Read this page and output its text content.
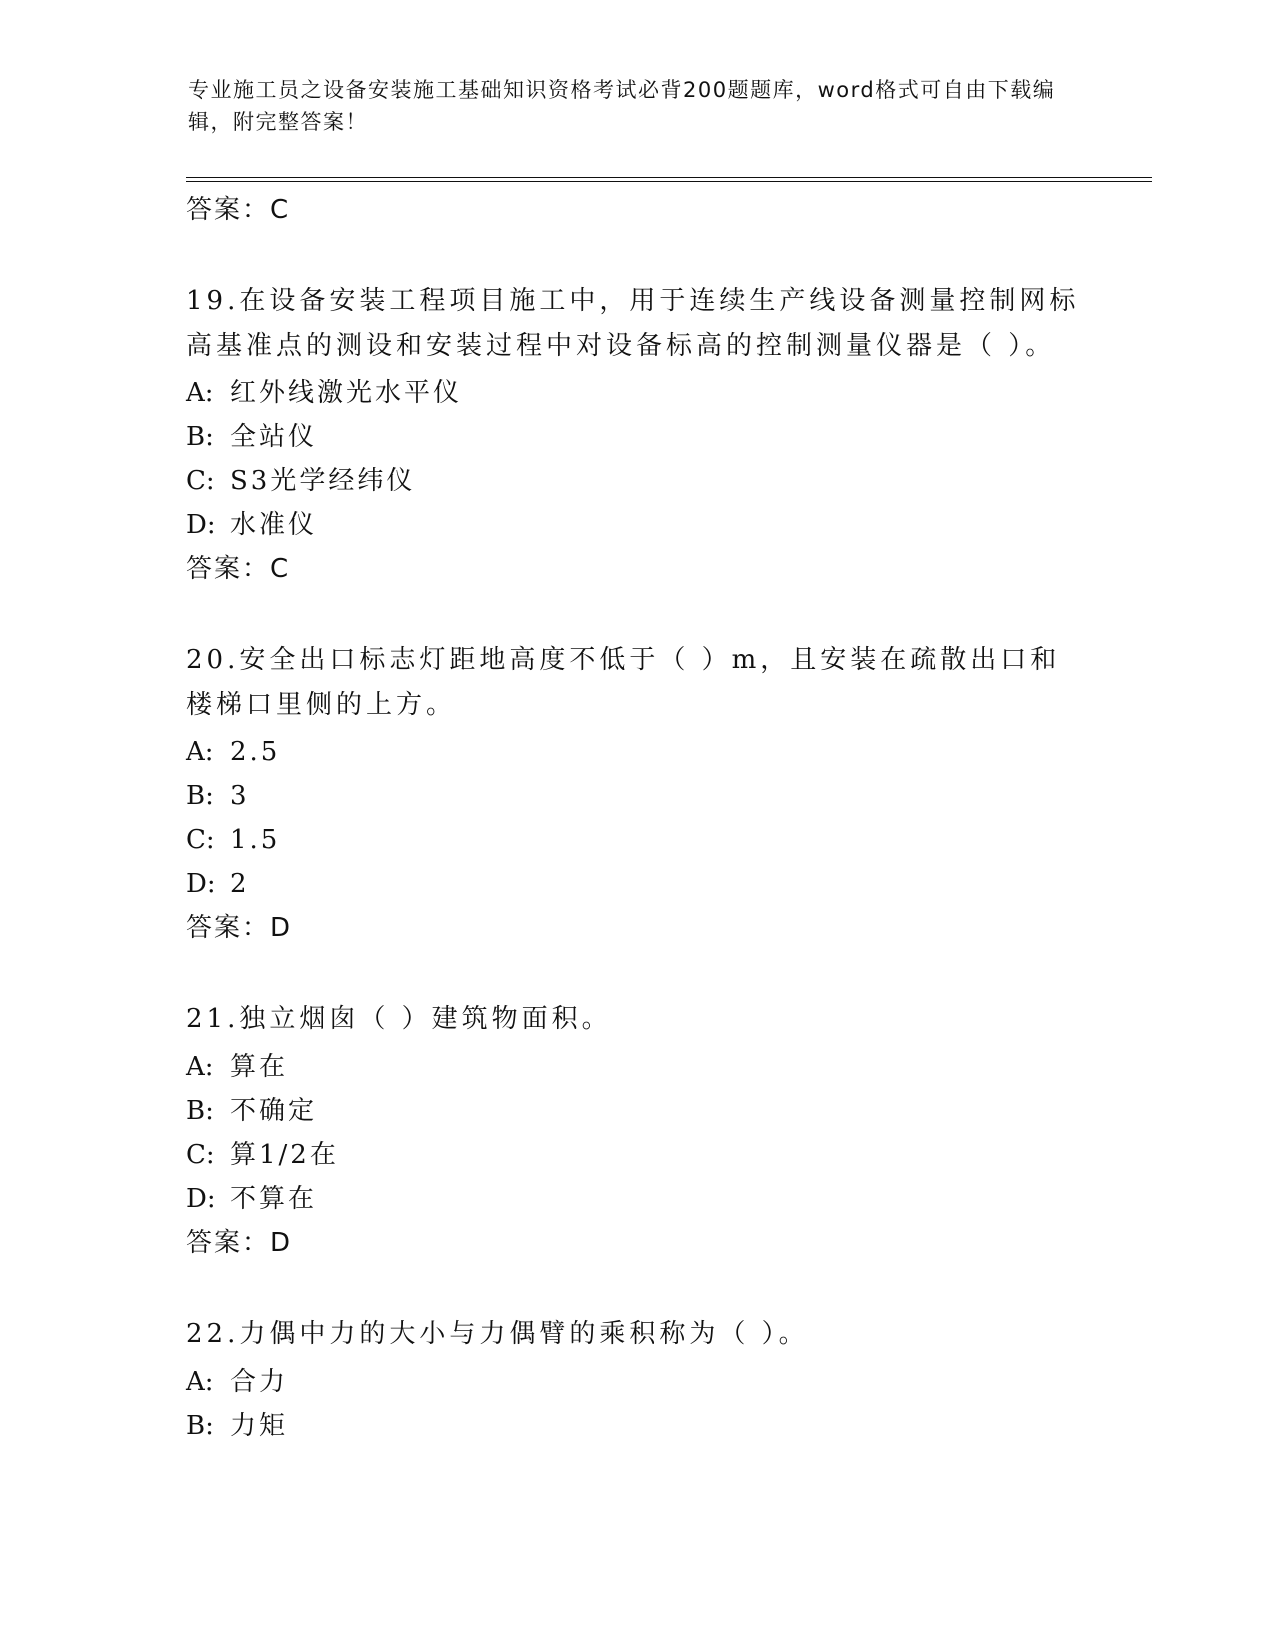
专业施工员之设备安装施工基础知识资格考试必背200题题库，word格式可自由下载编辑，附完整答案！
答案：C
19.在设备安装工程项目施工中，用于连续生产线设备测量控制网标高基准点的测设和安装过程中对设备标高的控制测量仪器是（ ）。
A: 红外线激光水平仪
B: 全站仪
C: S3光学经纬仪
D: 水准仪
答案：C
20.安全出口标志灯距地高度不低于（ ）m，且安装在疏散出口和楼梯口里侧的上方。
A: 2.5
B: 3
C: 1.5
D: 2
答案：D
21.独立烟囱（ ）建筑物面积。
A: 算在
B: 不确定
C: 算1/2在
D: 不算在
答案：D
22.力偶中力的大小与力偶臂的乘积称为（ ）。
A: 合力
B: 力矩
